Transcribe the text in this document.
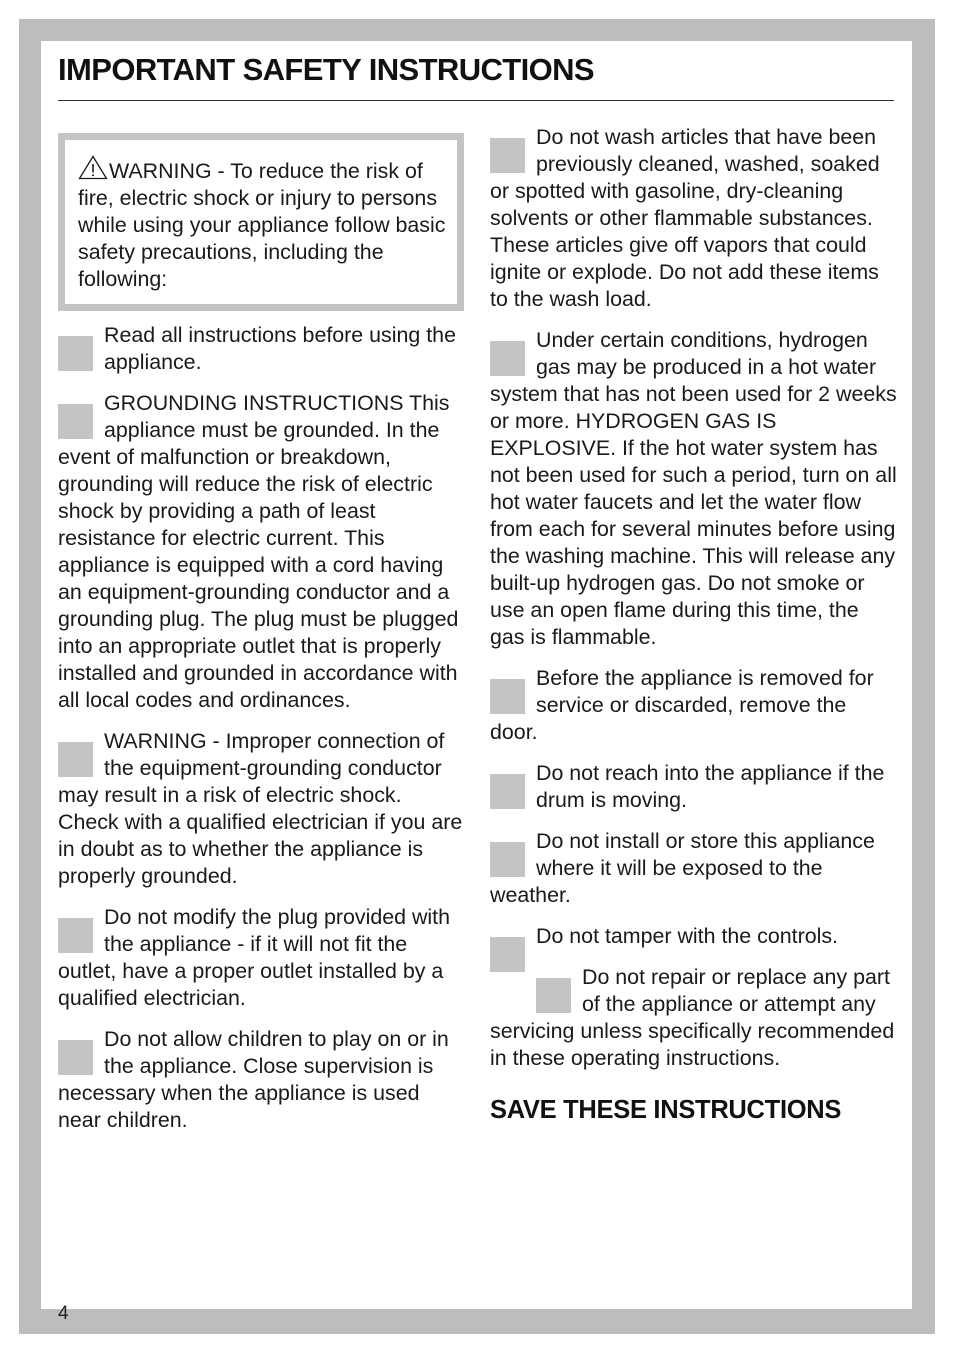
IMPORTANT SAFETY INSTRUCTIONS
WARNING - To reduce the risk of fire, electric shock or injury to persons while using your appliance follow basic safety precautions, including the following:
Read all instructions before using the appliance.
GROUNDING INSTRUCTIONS This appliance must be grounded. In the event of malfunction or breakdown, grounding will reduce the risk of electric shock by providing a path of least resistance for electric current. This appliance is equipped with a cord having an equipment-grounding conductor and a grounding plug. The plug must be plugged into an appropriate outlet that is properly installed and grounded in accordance with all local codes and ordinances.
WARNING - Improper connection of the equipment-grounding conductor may result in a risk of electric shock. Check with a qualified electrician if you are in doubt as to whether the appliance is properly grounded.
Do not modify the plug provided with the appliance - if it will not fit the outlet, have a proper outlet installed by a qualified electrician.
Do not allow children to play on or in the appliance. Close supervision is necessary when the appliance is used near children.
Do not wash articles that have been previously cleaned, washed, soaked or spotted with gasoline, dry-cleaning solvents or other flammable substances. These articles give off vapors that could ignite or explode. Do not add these items to the wash load.
Under certain conditions, hydrogen gas may be produced in a hot water system that has not been used for 2 weeks or more. HYDROGEN GAS IS EXPLOSIVE. If the hot water system has not been used for such a period, turn on all hot water faucets and let the water flow from each for several minutes before using the washing machine. This will release any built-up hydrogen gas. Do not smoke or use an open flame during this time, the gas is flammable.
Before the appliance is removed for service or discarded, remove the door.
Do not reach into the appliance if the drum is moving.
Do not install or store this appliance where it will be exposed to the weather.
Do not tamper with the controls.
Do not repair or replace any part of the appliance or attempt any servicing unless specifically recommended in these operating instructions.
SAVE THESE INSTRUCTIONS
4
